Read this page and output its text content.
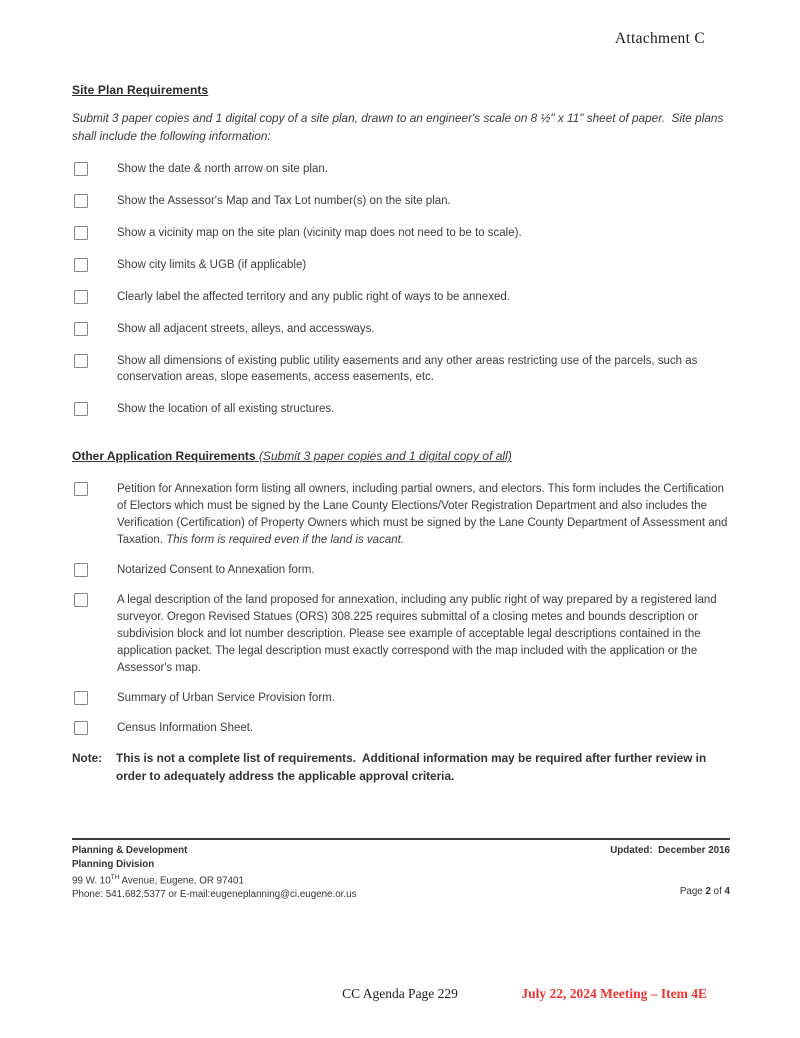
Attachment C
Site Plan Requirements

Submit 3 paper copies and 1 digital copy of a site plan, drawn to an engineer's scale on 8 ½" x 11" sheet of paper.  Site plans shall include the following information:

Show the date & north arrow on site plan.
Show the Assessor's Map and Tax Lot number(s) on the site plan.
Show a vicinity map on the site plan (vicinity map does not need to be to scale).
Show city limits & UGB (if applicable)
Clearly label the affected territory and any public right of ways to be annexed.
Show all adjacent streets, alleys, and accessways.
Show all dimensions of existing public utility easements and any other areas restricting use of the parcels, such as conservation areas, slope easements, access easements, etc.
Show the location of all existing structures.
Other Application Requirements (Submit 3 paper copies and 1 digital copy of all)
Petition for Annexation form listing all owners, including partial owners, and electors. This form includes the Certification of Electors which must be signed by the Lane County Elections/Voter Registration Department and also includes the Verification (Certification) of Property Owners which must be signed by the Lane County Department of Assessment and Taxation. This form is required even if the land is vacant.
Notarized Consent to Annexation form.
A legal description of the land proposed for annexation, including any public right of way prepared by a registered land surveyor. Oregon Revised Statues (ORS) 308.225 requires submittal of a closing metes and bounds description or subdivision block and lot number description. Please see example of acceptable legal descriptions contained in the application packet. The legal description must exactly correspond with the map included with the application or the Assessor's map.
Summary of Urban Service Provision form.
Census Information Sheet.
Note:	This is not a complete list of requirements.  Additional information may be required after further review in order to adequately address the applicable approval criteria.
Planning & Development
Planning Division
99 W. 10TH Avenue, Eugene, OR 97401
Phone: 541.682.5377 or E-mail:eugeneplanning@ci.eugene.or.us
Updated:  December 2016
Page 2 of 4
CC Agenda Page 229	July 22, 2024 Meeting – Item 4E
